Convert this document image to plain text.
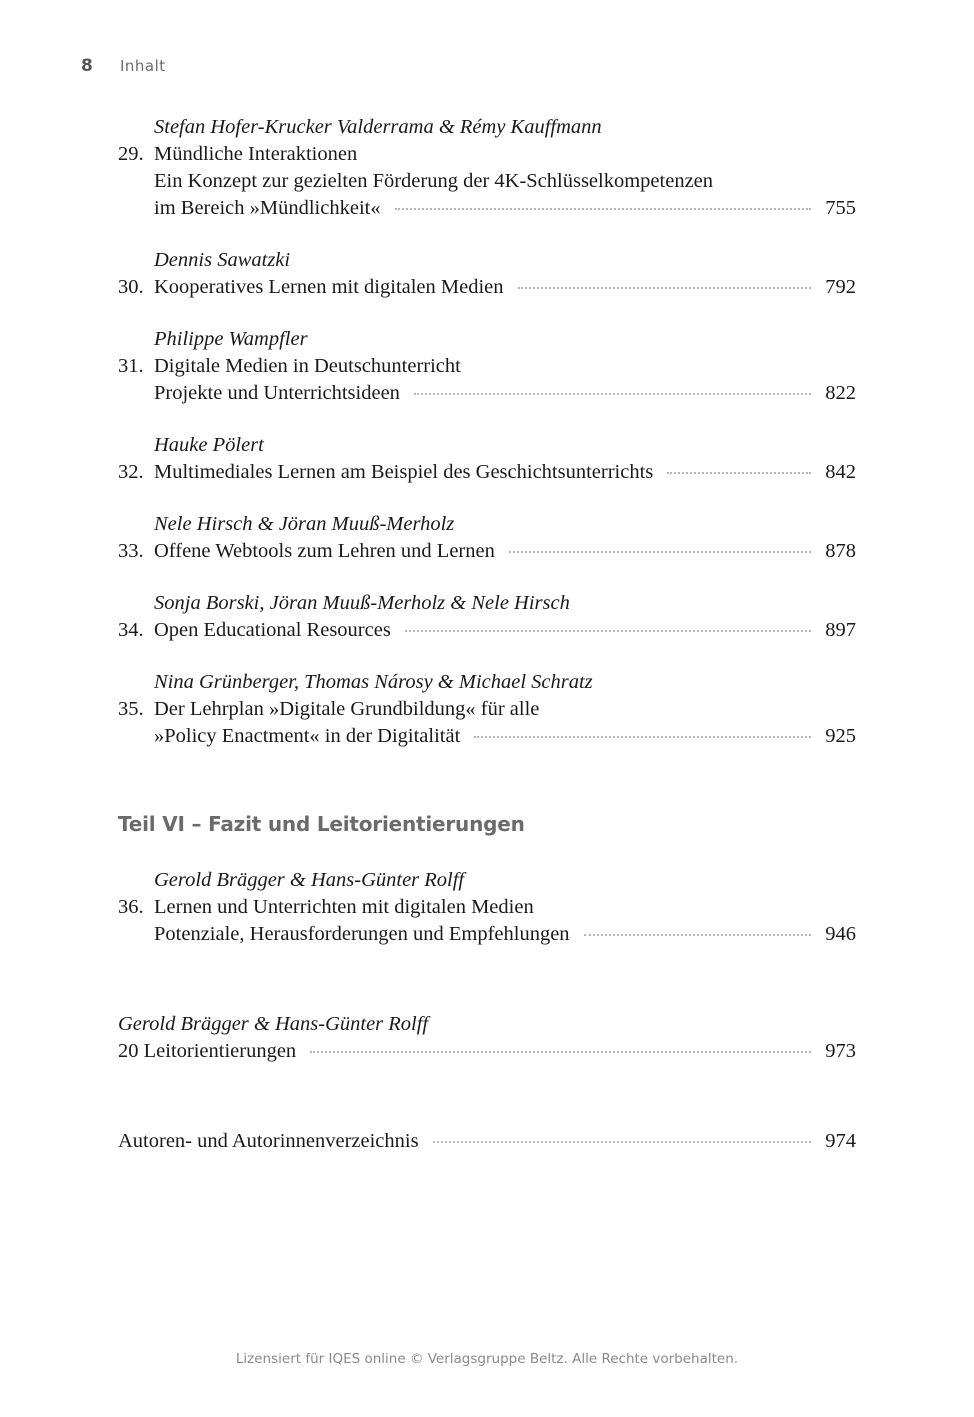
8 Inhalt
Stefan Hofer-Krucker Valderrama & Rémy Kauffmann
29. Mündliche Interaktionen
Ein Konzept zur gezielten Förderung der 4K-Schlüsselkompetenzen
im Bereich »Mündlichkeit«	755
Dennis Sawatzki
30. Kooperatives Lernen mit digitalen Medien	792
Philippe Wampfler
31. Digitale Medien in Deutschunterricht
Projekte und Unterrichtsideen	822
Hauke Pölert
32. Multimediales Lernen am Beispiel des Geschichtsunterrichts	842
Nele Hirsch & Jöran Muuß-Merholz
33. Offene Webtools zum Lehren und Lernen	878
Sonja Borski, Jöran Muuß-Merholz & Nele Hirsch
34. Open Educational Resources	897
Nina Grünberger, Thomas Nárosy & Michael Schratz
35. Der Lehrplan »Digitale Grundbildung« für alle
»Policy Enactment« in der Digitalität	925
Teil VI – Fazit und Leitorientierungen
Gerold Brägger & Hans-Günter Rolff
36. Lernen und Unterrichten mit digitalen Medien
Potenziale, Herausforderungen und Empfehlungen	946
Gerold Brägger & Hans-Günter Rolff
20 Leitorientierungen	973
Autoren- und Autorinnenverzeichnis	974
Lizensiert für IQES online © Verlagsgruppe Beltz. Alle Rechte vorbehalten.
